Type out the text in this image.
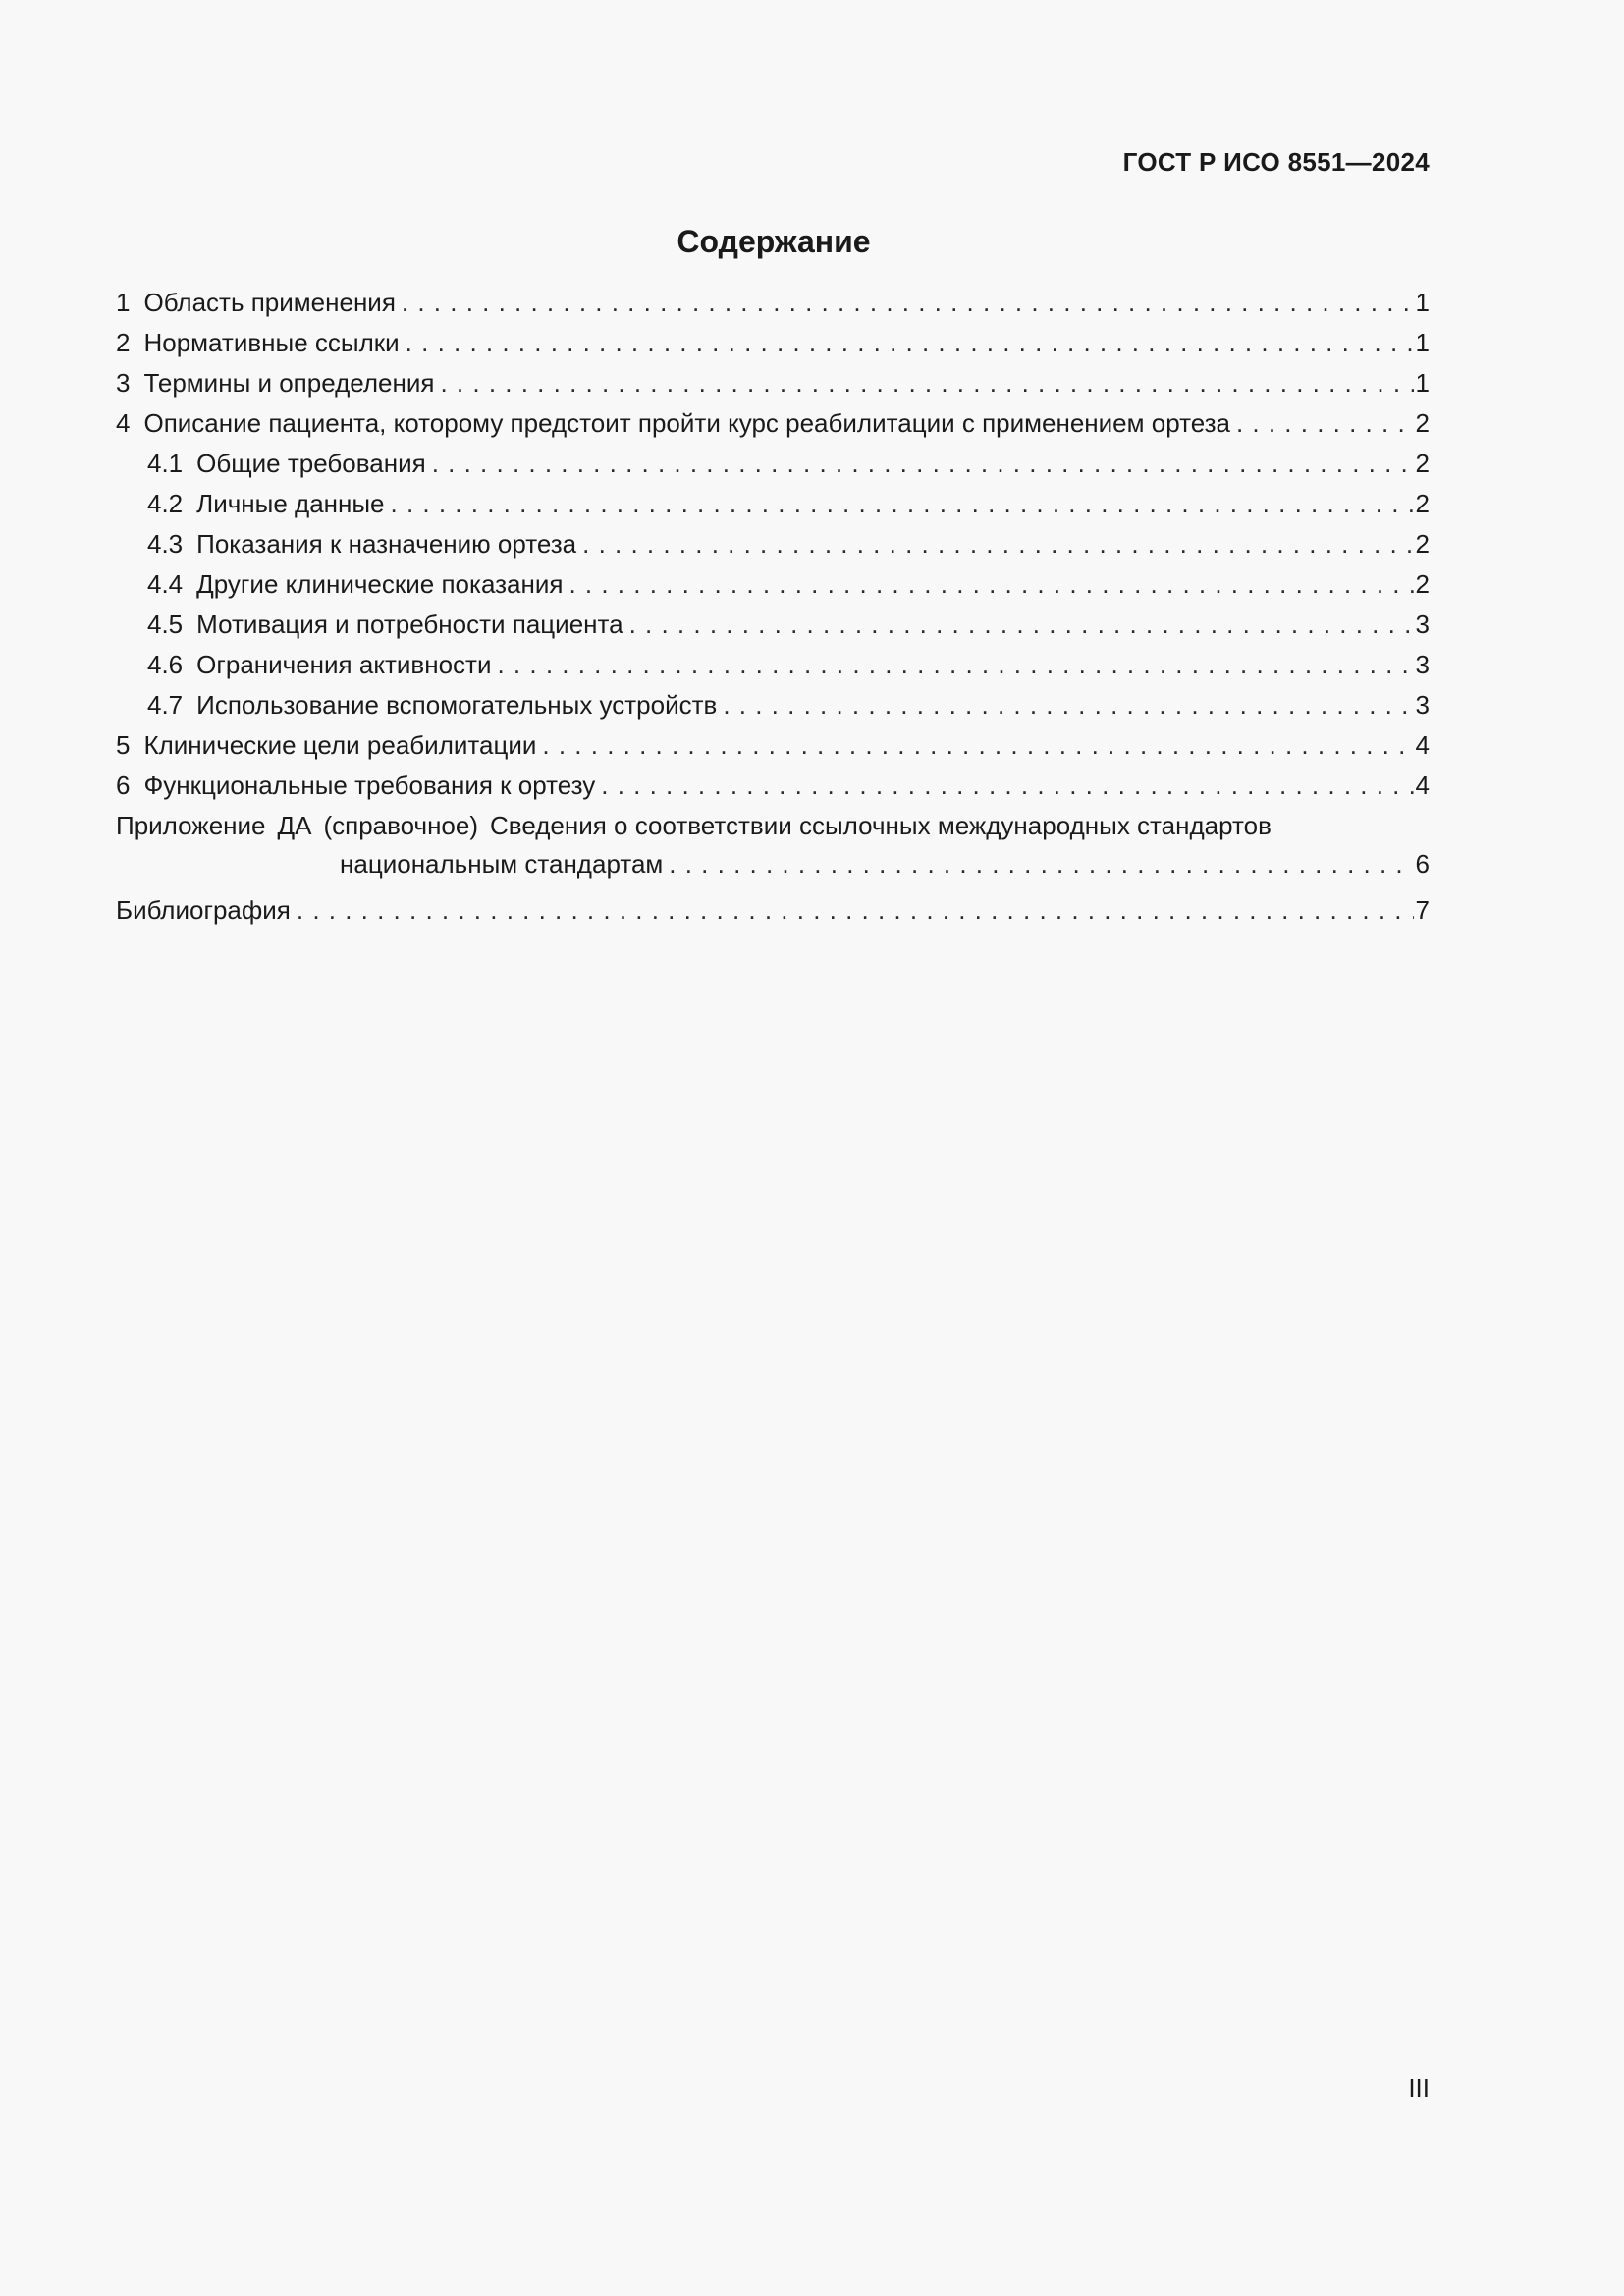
ГОСТ Р ИСО 8551—2024
Содержание
1 Область применения . . .	1
2 Нормативные ссылки . . .	1
3 Термины и определения . . .	1
4 Описание пациента, которому предстоит пройти курс реабилитации с применением ортеза . . .	2
4.1 Общие требования . . .	2
4.2 Личные данные . . .	2
4.3 Показания к назначению ортеза . . .	2
4.4 Другие клинические показания . . .	2
4.5 Мотивация и потребности пациента . . .	3
4.6 Ограничения активности . . .	3
4.7 Использование вспомогательных устройств . . .	3
5 Клинические цели реабилитации . . .	4
6 Функциональные требования к ортезу . . .	4
Приложение ДА (справочное) Сведения о соответствии ссылочных международных стандартов
национальным стандартам . . .	6
Библиография . . .	7
III
